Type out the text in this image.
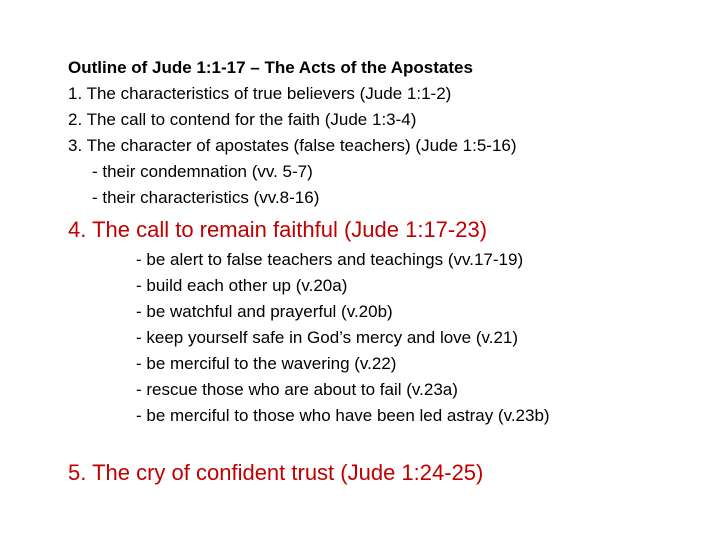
Outline of Jude 1:1-17 – The Acts of the Apostates
1. The characteristics of true believers (Jude 1:1-2)
2. The call to contend for the faith (Jude 1:3-4)
3. The character of apostates (false teachers) (Jude 1:5-16)
- their condemnation (vv. 5-7)
- their characteristics (vv.8-16)
4. The call to remain faithful (Jude 1:17-23)
- be alert to false teachers and teachings (vv.17-19)
- build each other up (v.20a)
- be watchful and prayerful (v.20b)
- keep yourself safe in God’s mercy and love (v.21)
- be merciful to the wavering (v.22)
- rescue those who are about to fail (v.23a)
- be merciful to those who have been led astray (v.23b)
5. The cry of confident trust (Jude 1:24-25)
